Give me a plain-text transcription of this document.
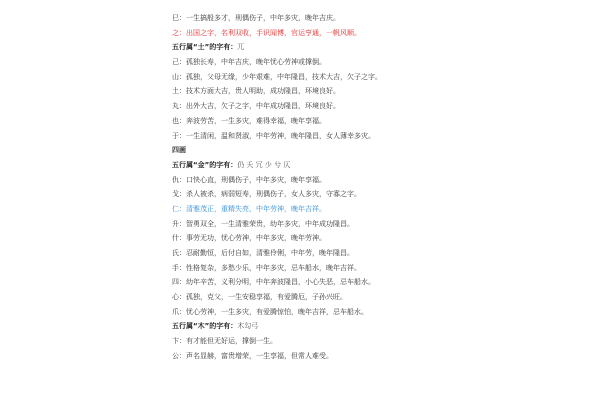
巳：一生搞般多才，刑偶伤子，中年多灾，晚年吉庆。
之：出国之字，名利双收，手识闻博，官运亨通，一帆风顺。
五行属“土”的字有：兀
己：孤独长寿，中年吉庆，晚年忧心劳神或撑倒。
山：孤独，父母无缘，少年艰难，中年隆昌，技术大吉，欠子之字。
土：技术方面大吉，贵人明助，成功隆昌，环境良好。
丸：出外大吉，欠子之字，中年成功隆昌，环境良好。
也：奔波劳苦，一生多灾，难得幸福，晚年享福。
于：一生清闲，温和贤淑，中年劳神，晚年隆昌，女人薄幸多灾。
四画
五行属“金”的字有：仍 夭 冗 少 兮 仄
仇：口快心直，刑偶伤子，中年多灾，晚年享福。
戈：杀人被杀，病弱短寿，刑偶伤子，女人多灾，守寡之字。
仁：清雅茂正，重精失亮，中年劳神，晚年吉祥。
升：智勇双全，一生清雅荣贵，幼年多灾，中年成功隆昌。
什：事劳无功，忧心劳神，中年多灾，晚年劳神。
氏：忍耐勤恒，后付自如，清雅伶俐，中年劳，晚年隆昌。
手：性格复杂，多愁少乐，中年多灾，忌车船水，晚年吉祥。
四：幼年辛苦，义利分明，中年奔波隆昌，小心失恶，忌车船水。
心：孤独，克父，一生安稳享福，有爱腾厄，子孙兴旺。
爪：忧心劳神，一生多灾，有爱腾惊怕，晚年吉祥，忌车船水。
五行属“木”的字有：木勾弓
卞：有才能但无好运，撑倒一生。
公：声名显赫，富贵增荣，一生享福，但常人难受。
